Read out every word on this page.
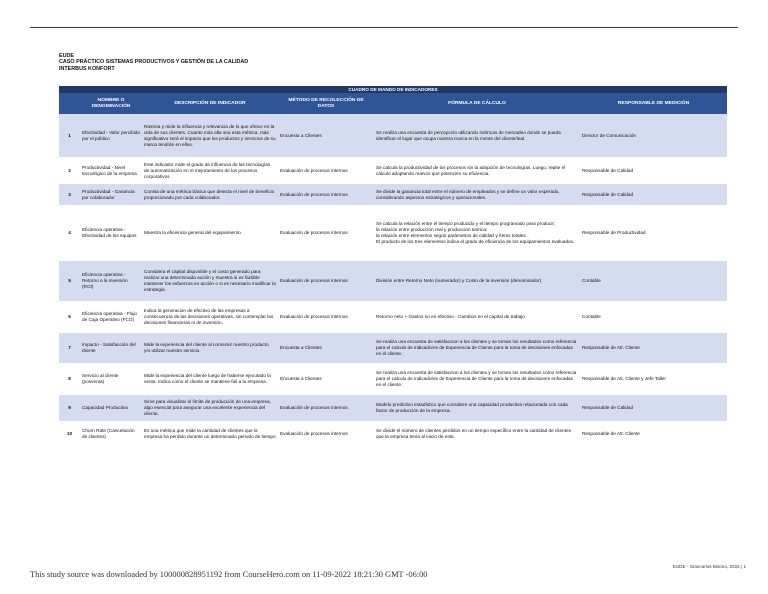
EUDE
CASO PRÁCTICO SISTEMAS PRODUCTIVOS Y GESTIÓN DE LA CALIDAD
INTERBUS KONFORT
CUADRO DE MANDO DE INDICADORES					
	NOMBRE O DENOMINACIÓN	DESCRIPCIÓN DE INDICADOR	MÉTODO DE RECOLECCIÓN DE DATOS	FÓRMULA DE CÁLCULO	RESPONSABLE DE MEDICIÓN
1	Efectividad - Valor percibido por el público	Rastrea y mide la influencia y relevancia de lo que ofrece en la vida de sus clientes. Cuanto más alta sea esta métrica, más significativo será el impacto que los productos y servicios de su marca tendrán en ellos.	Encuesta a Clientes	Se realiza una encuesta de percepción utilizando métricas de mercadeo donde se pueda identificar el lugar que ocupa nuestra marca en la mente del cliente/leal.	Director de Comunicación
2	Productividad - Nivel tecnológico de la empresa	Este indicador mide el grado de influencia de las tecnologías de automatización en el mejoramiento de los procesos corporativos	Evaluación de procesos internos	Se calcula la productividad de los procesos sin la adopción de tecnologías. Luego, repite el cálculo adoptando nuevos que potencien su eficiencia.	Responsable de Calidad
3	Productividad - Ganancia por colaborador	Consta de una métrica básica que detecta el nivel de beneficio proporcionado por cada colaborador.	Evaluación de procesos internos	Se divide la ganancia total entre el número de empleados y se define un valor esperado, considerando aspectos estratégicos y operacionales.	Responsable de Calidad
4	Eficiencia operativa - Efectividad de los equipos	Muestra la eficiencia general del equipamiento.	Evaluación de procesos internos	Se calcula la relación entre el tiempo producido y el tiempo programado para producir;
la relación entre producción real y producción teórica;
la relación entre elementos según parámetros de calidad y ítems totales.
El producto de los tres elementos indica el grado de eficiencia de los equipamientos evaluados.	Responsable de Productividad
5	Eficiencia operativa - Retorno a la inversión (ROI)	Considera el capital disponible y el costo generado para realizar una determinada acción y muestra si es factible mantener los esfuerzos en acción o si es necesario modificar la estrategia	Evaluación de procesos internos	División entre Retorno Neto (numerador) y Costo de la inversión (denominador).	Contable
6	Eficiencia operativa - Flujo de Caja Operativo (FCO)	Indica la generacion de efectivo de las empresas a consecuencia de las decisiones operativas, sin contemplar las decisiones financieras ni de inversión.	Evaluación de procesos internos	Retorno neto + Gastos no en efectivo - Cambios en el capital de trabajo	Contable
7	Impacto - Satisfacción del cliente	Mide la experiencia del cliente al consumir nuestro producto y/o utilizar nuestro servicio.	Encuesta a Clientes	Se realiza una encuesta de satisfaccion a los clientes y se toman los resultados como referencia para el calculo de indicadores de Experiencia de Cliente para la toma de decisiones enfocadas en el cliente.	Responsable de Att. Cliente
8	Servicio al cliente (posventa)	Mide la experiencia del cliente luego de haberse ejecutado la venta. Indica como el cliente se mantiene fiel a la empresa.	Encuesta a Clientes	Se realiza una encuesta de satisfaccion a los clientes y se toman los resultados como referencia para el calculo de indicadores de Experiencia de Cliente para la toma de decisiones enfocadas en el cliente.	Responsable de Att. Cliente y Jefe Taller
9	Capacidad Productiva	Sirve para visualizar el límite de producción de una empresa, algo esencial para asegurar una excelente experiencia del cliente.	Evaluación de procesos internos	Modelo predictivo estadístico que considere una capacidad productiva relacionada con cada factor de producción de la empresa.	Responsable de Calidad
10	Churn Rate (Cancelación de clientes)	Es una métrica que mide la cantidad de clientes que la empresa ha perdido durante un determinado periodo de tiempo	Evaluación de procesos internos	Se divide el número de clientes perdidos en un tiempo específico entre la cantidad de clientes que la empresa tenía al inicio de este.	Responsable de Att. Cliente
EUDE - Giancarlos Bisono, 2022 | 1
This study source was downloaded by 100000828951192 from CourseHero.com on 11-09-2022 18:21:30 GMT -06:00
